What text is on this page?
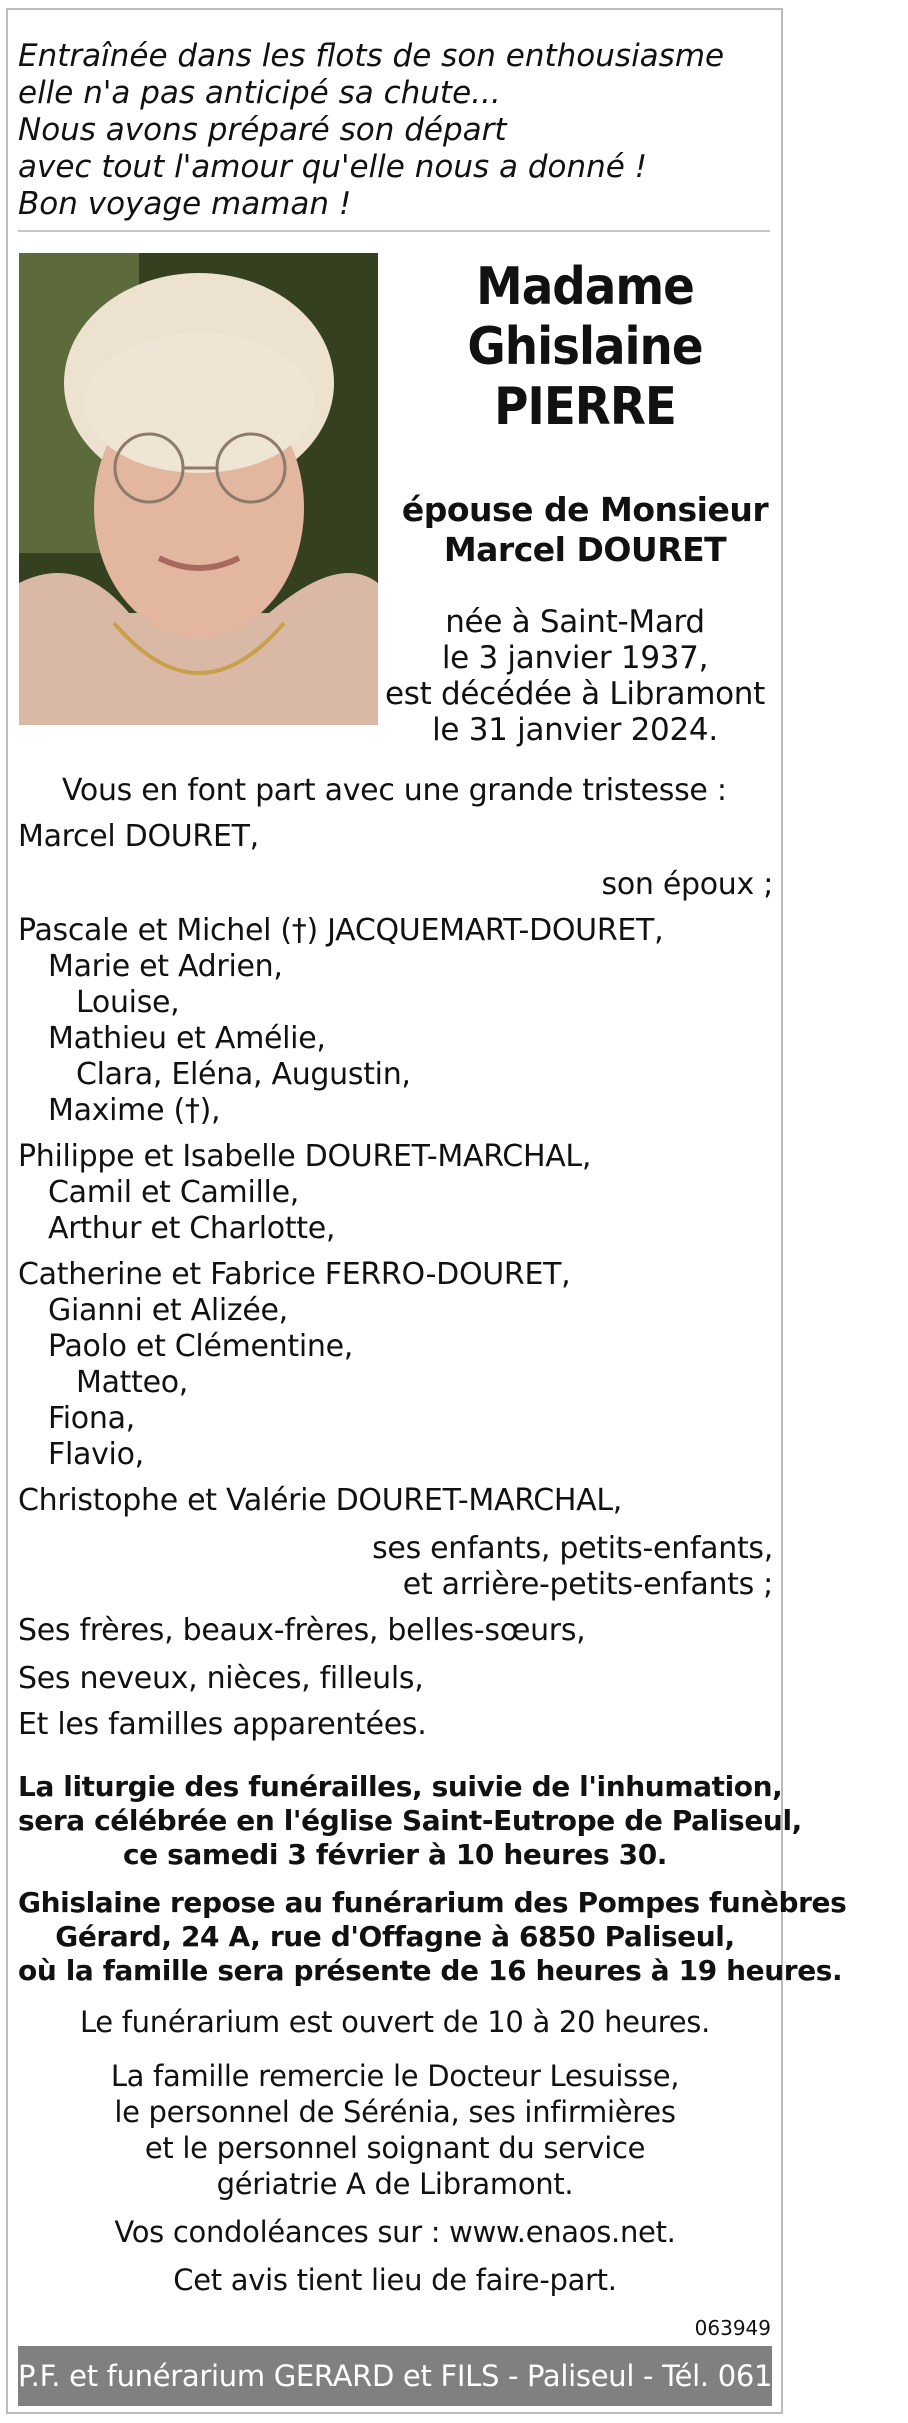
Entraînée dans les flots de son enthousiasme
elle n'a pas anticipé sa chute...
Nous avons préparé son départ
avec tout l'amour qu'elle nous a donné !
Bon voyage maman !
Madame
Ghislaine
PIERRE
épouse de Monsieur
Marcel DOURET
née à Saint-Mard
le 3 janvier 1937,
est décédée à Libramont
le 31 janvier 2024.
Vous en font part avec une grande tristesse :
Marcel DOURET,
son époux ;
Pascale et Michel (†) JACQUEMART-DOURET,
Marie et Adrien,
Louise,
Mathieu et Amélie,
Clara, Eléna, Augustin,
Maxime (†),
Philippe et Isabelle DOURET-MARCHAL,
Camil et Camille,
Arthur et Charlotte,
Catherine et Fabrice FERRO-DOURET,
Gianni et Alizée,
Paolo et Clémentine,
Matteo,
Fiona,
Flavio,
Christophe et Valérie DOURET-MARCHAL,
ses enfants, petits-enfants,
et arrière-petits-enfants ;
Ses frères, beaux-frères, belles-sœurs,
Ses neveux, nièces, filleuls,
Et les familles apparentées.
La liturgie des funérailles, suivie de l'inhumation,
sera célébrée en l'église Saint-Eutrope de Paliseul,
ce samedi 3 février à 10 heures 30.
Ghislaine repose au funérarium des Pompes funèbres
Gérard, 24 A, rue d'Offagne à 6850 Paliseul,
où la famille sera présente de 16 heures à 19 heures.
Le funérarium est ouvert de 10 à 20 heures.
La famille remercie le Docteur Lesuisse,
le personnel de Sérénia, ses infirmières
et le personnel soignant du service
gériatrie A de Libramont.
Vos condoléances sur : www.enaos.net.
Cet avis tient lieu de faire-part.
063949
P.F. et funérarium GERARD et FILS - Paliseul - Tél. 061 53 32 84
